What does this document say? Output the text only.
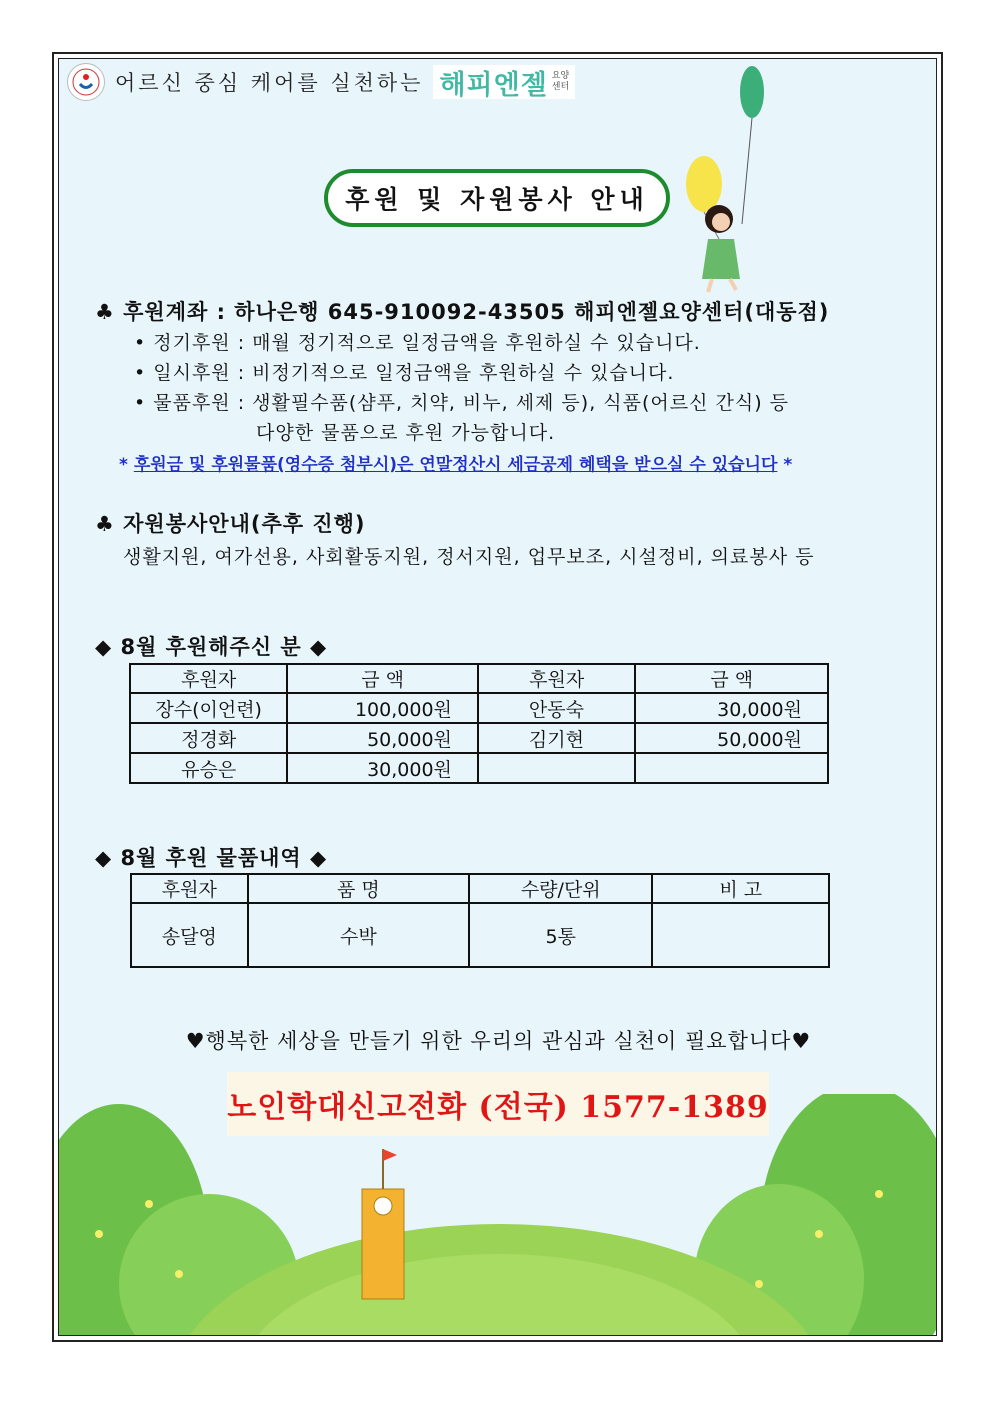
어르신 중심 케어를 실천하는 해피엔젤 요양
센터
후원 및 자원봉사 안내
♣ 후원계좌 : 하나은행 645-910092-43505 해피엔젤요양센터(대동점)
• 정기후원 : 매월 정기적으로 일정금액을 후원하실 수 있습니다.
• 일시후원 : 비정기적으로 일정금액을 후원하실 수 있습니다.
• 물품후원 : 생활필수품(샴푸, 치약, 비누, 세제 등), 식품(어르신 간식) 등
다양한 물품으로 후원 가능합니다.
* 후원금 및 후원물품(영수증 첨부시)은 연말정산시 세금공제 혜택을 받으실 수 있습니다 *
♣ 자원봉사안내(추후 진행)
생활지원, 여가선용, 사회활동지원, 정서지원, 업무보조, 시설정비, 의료봉사 등
◆ 8월 후원해주신 분 ◆
후원자	금 액	후원자	금 액
장수(이언련)	100,000원	안동숙	30,000원
정경화	50,000원	김기현	50,000원
유승은	30,000원		
◆ 8월 후원 물품내역 ◆
후원자	품 명	수량/단위	비 고
송달영	수박	5통	
♥행복한 세상을 만들기 위한 우리의 관심과 실천이 필요합니다♥
노인학대신고전화 (전국) 1577-1389
